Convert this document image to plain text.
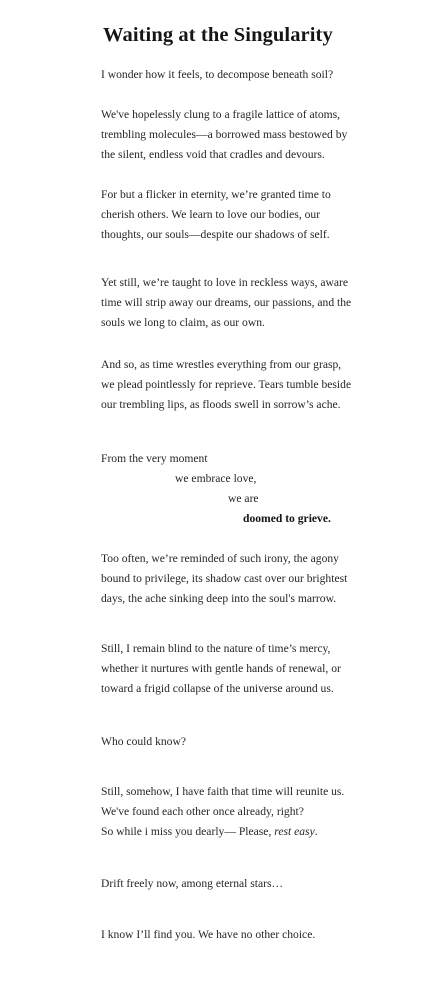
Waiting at the Singularity

I wonder how it feels, to decompose beneath soil?

We've hopelessly clung to a fragile lattice of atoms,
trembling molecules—a borrowed mass bestowed by
the silent, endless void that cradles and devours.

For but a flicker in eternity, we’re granted time to
cherish others. We learn to love our bodies, our
thoughts, our souls—despite our shadows of self.

Yet still, we’re taught to love in reckless ways, aware
time will strip away our dreams, our passions, and the
souls we long to claim, as our own.

And so, as time wrestles everything from our grasp,
we plead pointlessly for reprieve. Tears tumble beside
our trembling lips, as floods swell in sorrow’s ache.

From the very moment

we embrace love,

we are

doomed to grieve.

Too often, we’re reminded of such irony, the agony
bound to privilege, its shadow cast over our brightest
days, the ache sinking deep into the soul's marrow.

Still, I remain blind to the nature of time’s mercy,
whether it nurtures with gentle hands of renewal, or
toward a frigid collapse of the universe around us.

Who could know?

Still, somehow, I have faith that time will reunite us.
We've found each other once already, right?
So while i miss you dearly— Please, rest easy.

Drift freely now, among eternal stars…

I know I’ll find you. We have no other choice.
